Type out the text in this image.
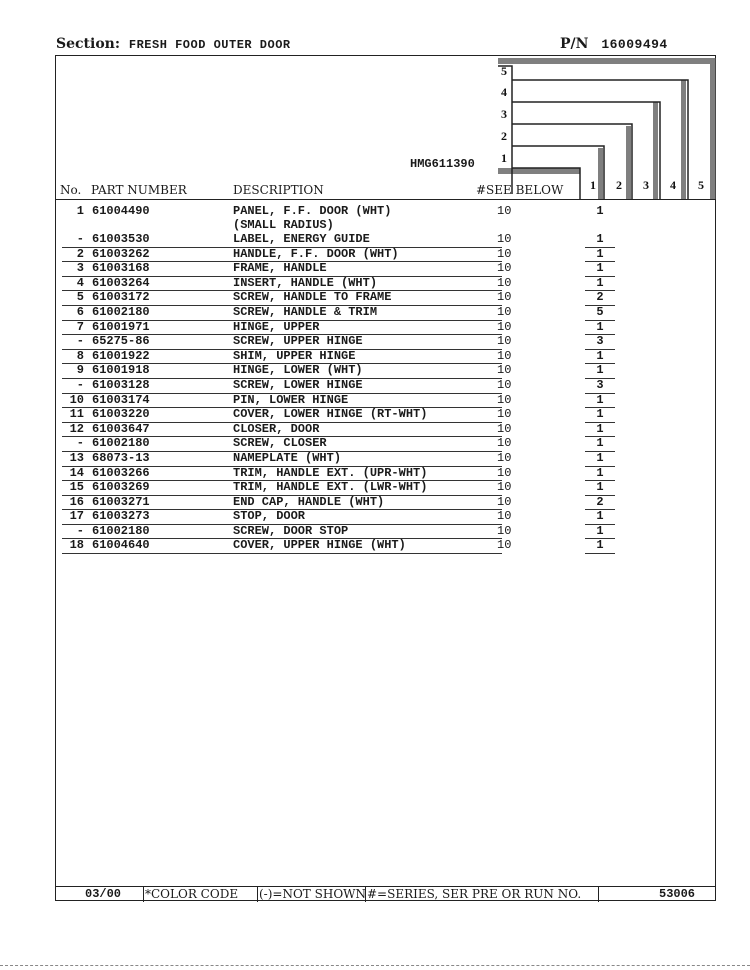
Section: FRESH FOOD OUTER DOOR	P/N 16009494
5
4
3
2
1
1 2 3 4 5
HMG611390
No. PART NUMBER	DESCRIPTION	#SEE BELOW
1 61004490	PANEL, F.F. DOOR (WHT)	10	1
(SMALL RADIUS)
- 61003530	LABEL, ENERGY GUIDE	10	1
2 61003262	HANDLE, F.F. DOOR (WHT)	10	1
3 61003168	FRAME, HANDLE	10	1
4 61003264	INSERT, HANDLE (WHT)	10	1
5 61003172	SCREW, HANDLE TO FRAME	10	2
6 61002180	SCREW, HANDLE & TRIM	10	5
7 61001971	HINGE, UPPER	10	1
- 65275-86	SCREW, UPPER HINGE	10	3
8 61001922	SHIM, UPPER HINGE	10	1
9 61001918	HINGE, LOWER (WHT)	10	1
- 61003128	SCREW, LOWER HINGE	10	3
10 61003174	PIN, LOWER HINGE	10	1
11 61003220	COVER, LOWER HINGE (RT-WHT)	10	1
12 61003647	CLOSER, DOOR	10	1
- 61002180	SCREW, CLOSER	10	1
13 68073-13	NAMEPLATE (WHT)	10	1
14 61003266	TRIM, HANDLE EXT. (UPR-WHT)	10	1
15 61003269	TRIM, HANDLE EXT. (LWR-WHT)	10	1
16 61003271	END CAP, HANDLE (WHT)	10	2
17 61003273	STOP, DOOR	10	1
- 61002180	SCREW, DOOR STOP	10	1
18 61004640	COVER, UPPER HINGE (WHT)	10	1
03/00 *COLOR CODE (-)=NOT SHOWN #=SERIES, SER PRE OR RUN NO.	53006
